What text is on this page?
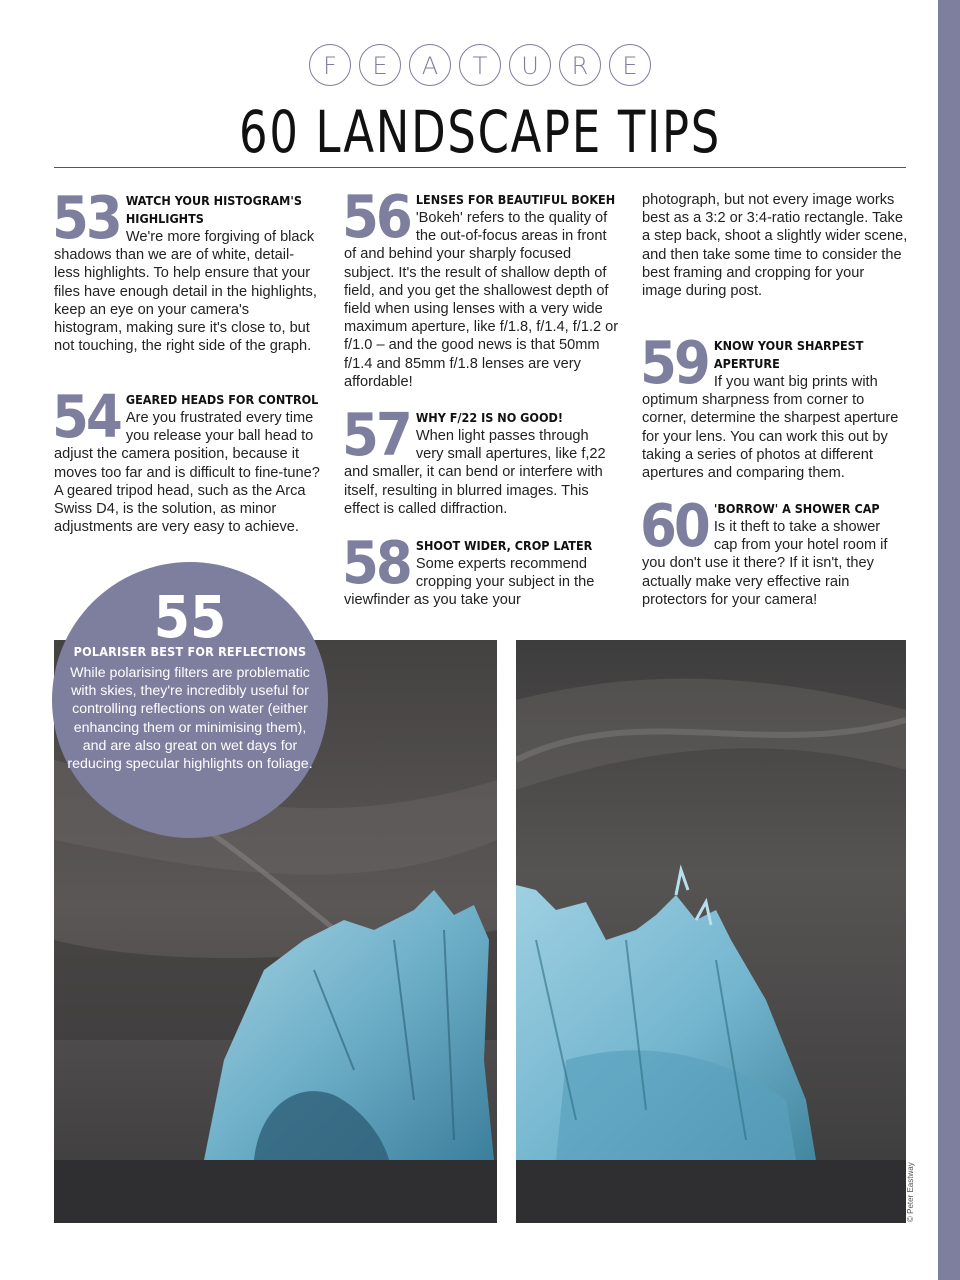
F E A T U R E
60 LANDSCAPE TIPS
53 WATCH YOUR HISTOGRAM'S HIGHLIGHTS
We're more forgiving of black shadows than we are of white, detail-less highlights. To help ensure that your files have enough detail in the highlights, keep an eye on your camera's histogram, making sure it's close to, but not touching, the right side of the graph.
54 GEARED HEADS FOR CONTROL
Are you frustrated every time you release your ball head to adjust the camera position, because it moves too far and is difficult to fine-tune? A geared tripod head, such as the Arca Swiss D4, is the solution, as minor adjustments are very easy to achieve.
56 LENSES FOR BEAUTIFUL BOKEH
'Bokeh' refers to the quality of the out-of-focus areas in front of and behind your sharply focused subject. It's the result of shallow depth of field, and you get the shallowest depth of field when using lenses with a very wide maximum aperture, like f/1.8, f/1.4, f/1.2 or f/1.0 – and the good news is that 50mm f/1.4 and 85mm f/1.8 lenses are very affordable!
57 WHY F/22 IS NO GOOD!
When light passes through very small apertures, like f,22 and smaller, it can bend or interfere with itself, resulting in blurred images. This effect is called diffraction.
58 SHOOT WIDER, CROP LATER
Some experts recommend cropping your subject in the viewfinder as you take your
photograph, but not every image works best as a 3:2 or 3:4-ratio rectangle. Take a step back, shoot a slightly wider scene, and then take some time to consider the best framing and cropping for your image during post.
59 KNOW YOUR SHARPEST APERTURE
If you want big prints with optimum sharpness from corner to corner, determine the sharpest aperture for your lens. You can work this out by taking a series of photos at different apertures and comparing them.
60 'BORROW' A SHOWER CAP
Is it theft to take a shower cap from your hotel room if you don't use it there? If it isn't, they actually make very effective rain protectors for your camera!
55
POLARISER BEST FOR REFLECTIONS
While polarising filters are problematic with skies, they're incredibly useful for controlling reflections on water (either enhancing them or minimising them), and are also great on wet days for reducing specular highlights on foliage.
© Peter Eastway
